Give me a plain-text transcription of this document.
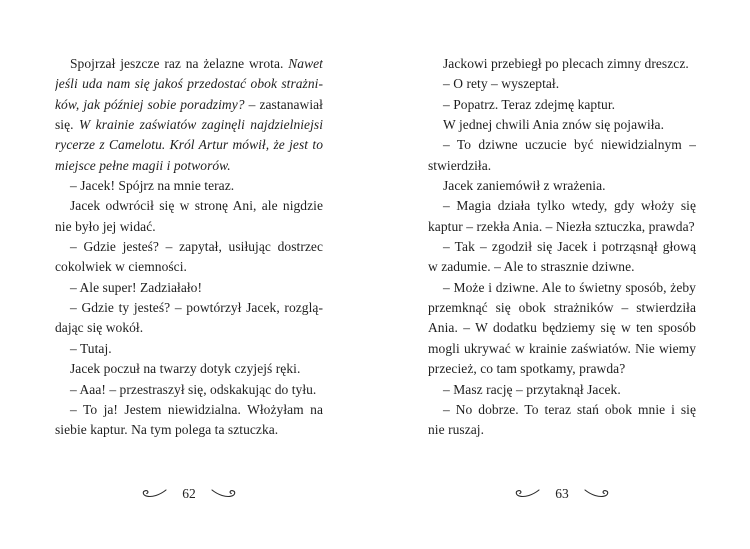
Spojrzał jeszcze raz na żelazne wrota. Nawet
jeśli uda nam się jakoś przedostać obok strażni-
ków, jak później sobie poradzimy? – zastanawiał
się. W krainie zaświatów zaginęli najdzielniejsi
rycerze z Camelotu. Król Artur mówił, że jest to
miejsce pełne magii i potworów.
– Jacek! Spójrz na mnie teraz.
Jacek odwrócił się w stronę Ani, ale nigdzie
nie było jej widać.
– Gdzie jesteś? – zapytał, usiłując dostrzec
cokolwiek w ciemności.
– Ale super! Zadziałało!
– Gdzie ty jesteś? – powtórzył Jacek, rozglą-
dając się wokół.
– Tutaj.
Jacek poczuł na twarzy dotyk czyjejś ręki.
– Aaa! – przestraszył się, odskakując do tyłu.
– To ja! Jestem niewidzialna. Włożyłam na
siebie kaptur. Na tym polega ta sztuczka.
62
Jackowi przebiegł po plecach zimny dreszcz.
– O rety – wyszeptał.
– Popatrz. Teraz zdejmę kaptur.
W jednej chwili Ania znów się pojawiła.
– To dziwne uczucie być niewidzialnym –
stwierdziła.
Jacek zaniemówił z wrażenia.
– Magia działa tylko wtedy, gdy włoży się
kaptur – rzekła Ania. – Niezła sztuczka, prawda?
– Tak – zgodził się Jacek i potrząsnął głową
w zadumie. – Ale to strasznie dziwne.
– Może i dziwne. Ale to świetny sposób, żeby
przemknąć się obok strażników – stwierdziła
Ania. – W dodatku będziemy się w ten sposób
mogli ukrywać w krainie zaświatów. Nie wiemy
przecież, co tam spotkamy, prawda?
– Masz rację – przytaknął Jacek.
– No dobrze. To teraz stań obok mnie i się
nie ruszaj.
63
